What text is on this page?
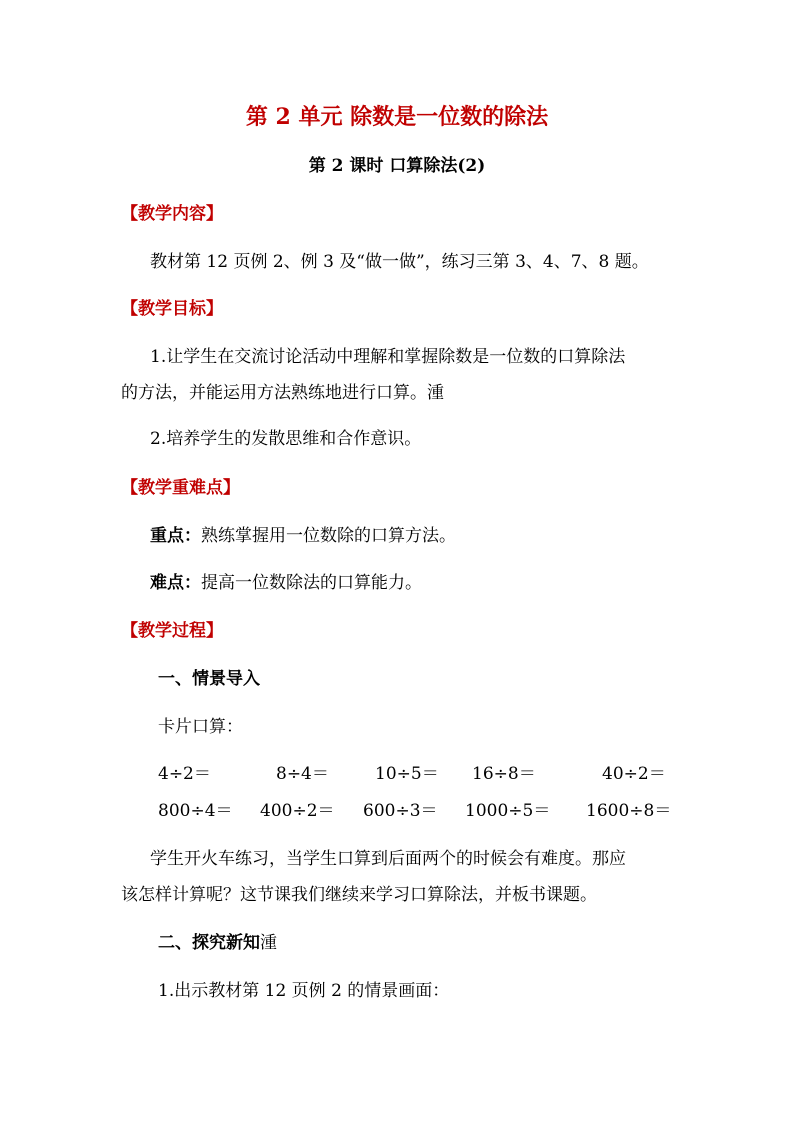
第 2 单元 除数是一位数的除法
第 2 课时 口算除法(2)
【教学内容】
教材第 12 页例 2、例 3 及“做一做”，练习三第 3、4、7、8 题。
【教学目标】
1.让学生在交流讨论活动中理解和掌握除数是一位数的口算除法
的方法，并能运用方法熟练地进行口算。湩
2.培养学生的发散思维和合作意识。
【教学重难点】
重点：熟练掌握用一位数除的口算方法。
难点：提高一位数除法的口算能力。
【教学过程】
一、情景导入
卡片口算：
4÷2＝	8÷4＝	10÷5＝ 16÷8＝	40÷2＝
800÷4＝ 400÷2＝ 600÷3＝ 1000÷5＝ 1600÷8＝
学生开火车练习，当学生口算到后面两个的时候会有难度。那应
该怎样计算呢？这节课我们继续来学习口算除法，并板书课题。
二、探究新知湩
1.出示教材第 12 页例 2 的情景画面：
